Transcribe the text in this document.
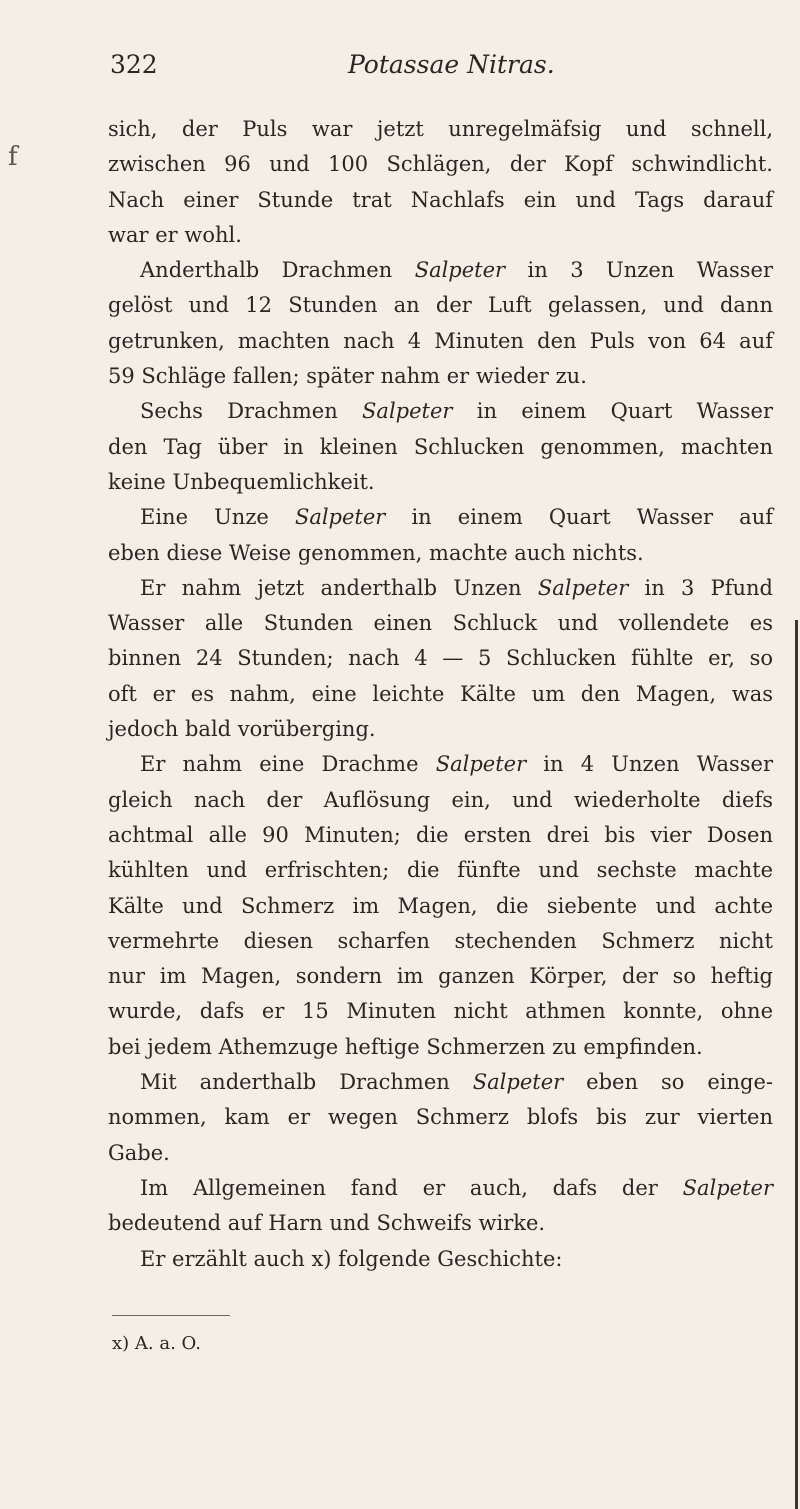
322	Potassae Nitras.
f
sich, der Puls war jetzt unregelmäfsig und schnell,
zwischen 96 und 100 Schlägen, der Kopf schwindlicht.
Nach einer Stunde trat Nachlafs ein und Tags darauf
war er wohl.
Anderthalb Drachmen Salpeter in 3 Unzen Wasser
gelöst und 12 Stunden an der Luft gelassen, und dann
getrunken, machten nach 4 Minuten den Puls von 64 auf
59 Schläge fallen; später nahm er wieder zu.
Sechs Drachmen Salpeter in einem Quart Wasser
den Tag über in kleinen Schlucken genommen, machten
keine Unbequemlichkeit.
Eine Unze Salpeter in einem Quart Wasser auf
eben diese Weise genommen, machte auch nichts.
Er nahm jetzt anderthalb Unzen Salpeter in 3 Pfund
Wasser alle Stunden einen Schluck und vollendete es
binnen 24 Stunden; nach 4 — 5 Schlucken fühlte er, so
oft er es nahm, eine leichte Kälte um den Magen, was
jedoch bald vorüberging.
Er nahm eine Drachme Salpeter in 4 Unzen Wasser
gleich nach der Auflösung ein, und wiederholte diefs
achtmal alle 90 Minuten; die ersten drei bis vier Dosen
kühlten und erfrischten; die fünfte und sechste machte
Kälte und Schmerz im Magen, die siebente und achte
vermehrte diesen scharfen stechenden Schmerz nicht
nur im Magen, sondern im ganzen Körper, der so heftig
wurde, dafs er 15 Minuten nicht athmen konnte, ohne
bei jedem Athemzuge heftige Schmerzen zu empfinden.
Mit anderthalb Drachmen Salpeter eben so einge-
nommen, kam er wegen Schmerz blofs bis zur vierten
Gabe.
Im Allgemeinen fand er auch, dafs der Salpeter
bedeutend auf Harn und Schweifs wirke.
Er erzählt auch x) folgende Geschichte:
x) A. a. O.
